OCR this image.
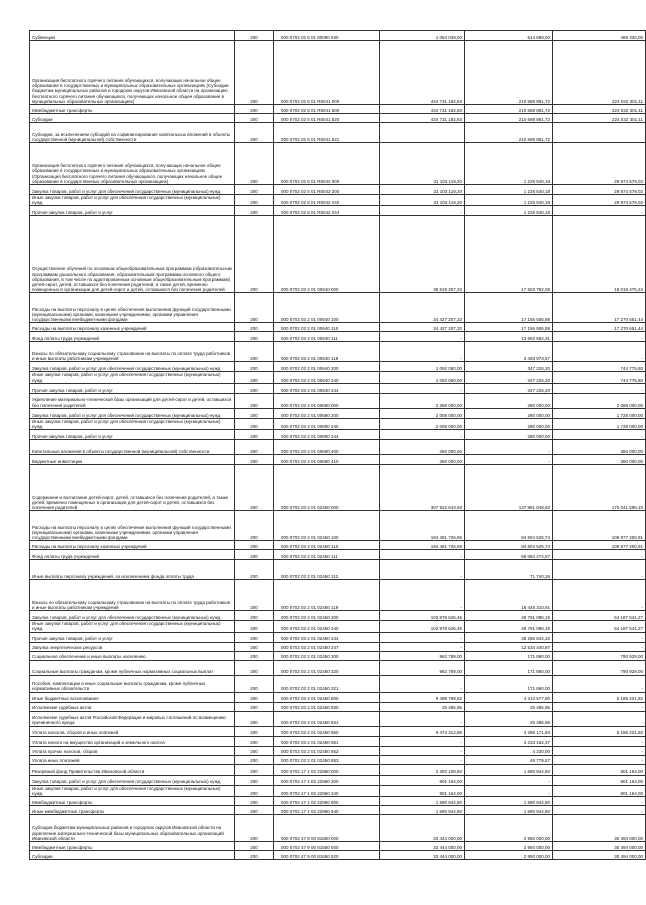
Субвенции	200	000 0702 02 5 01 80090 530	1 064 039,00	614 689,00	489 330,00
Организация бесплатного горячего питания обучающихся, получающих начальное общее образование в государственных и муниципальных образовательных организациях (Субсидии бюджетам муниципальных районов и городских округов Ивановской области на организацию бесплатного горячего питания обучающихся, получающих начальное общее образование в муниципальных образовательных организациях)	200	000 0702 02 5 01 R5041 000	434 731 182,83	210 698 881,72	224 032 301,11
Межбюджетные трансферты	200	000 0702 02 5 01 R5041 500	434 731 182,83	210 698 881,72	224 032 301,11
Субсидии	200	000 0702 02 5 01 R5041 520	434 731 182,83	210 698 881,72	224 032 301,11
Субсидии, за исключением субсидий на софинансирование капитальных вложений в объекты государственной (муниципальной) собственности	200	000 0702 02 5 01 R5041 521		210 698 881,72	
Организация бесплатного горячего питания обучающихся, получающих начальное общее образование в государственных и муниципальных образовательных организациях (Организация бесплатного горячего питания обучающихся, получающих начальное общее образование в государственных образовательных организациях)	200	000 0702 02 5 01 R5042 000	31 103 119,20	1 228 540,18	29 874 579,02
Закупка товаров, работ и услуг для обеспечения государственных (муниципальных) нужд	200	000 0702 02 5 01 R5042 200	31 103 119,20	1 228 540,18	29 874 579,02
Иные закупки товаров, работ и услуг для обеспечения государственных (муниципальных) нужд	200	000 0702 02 5 01 R5042 240	31 103 119,20	1 228 540,18	29 874 579,02
Прочая закупка товаров, работ и услуг	200	000 0702 02 5 01 R5042 244	-	1 228 540,18	-
Осуществление обучения по основным общеобразовательным программам (образовательным программам дошкольного образования, образовательным программам основного общего образования, в том числе по адаптированным основным общеобразовательным программам) детей-сирот, детей, оставшихся без попечения родителей, а также детей, временно помещенных в организации для детей-сирот и детей, оставшихся без попечения родителей	200	000 0702 03 2 01 00640 000	35 519 257,32	17 503 782,08	18 015 475,24
Расходы на выплаты персоналу в целях обеспечения выполнения функций государственными (муниципальными) органами, казенными учреждениями, органами управления государственными внебюджетными фондами	200	000 0702 03 2 01 00640 100	34 427 207,32	17 156 555,88	17 270 651,44
Расходы на выплаты персоналу казенных учреждений	200	000 0702 03 2 01 00640 110	34 427 207,32	17 156 555,88	17 270 651,44
Фонд оплаты труда учреждений	200	000 0702 03 2 01 00640 111	-	13 662 582,31	-
Взносы по обязательному социальному страхованию на выплаты по оплате труда работников и иные выплаты работникам учреждений	200	000 0702 03 2 01 00640 119	-	3 493 973,57	-
Закупка товаров, работ и услуг для обеспечения государственных (муниципальных) нужд	200	000 0702 03 2 01 00640 200	1 092 050,00	347 226,20	744 775,80
Иные закупки товаров, работ и услуг для обеспечения государственных (муниципальных) нужд	200	000 0702 03 2 01 00640 240	1 092 050,00	347 226,20	744 775,80
Прочая закупка товаров, работ и услуг	200	000 0702 03 2 01 00640 244	-	347 226,20	-
Укрепление материально-технической базы организаций для детей-сирот и детей, оставшихся без попечения родителей	200	000 0702 03 2 01 00690 000	2 368 000,00	280 000,00	2 088 000,00
Закупка товаров, работ и услуг для обеспечения государственных (муниципальных) нужд	200	000 0702 03 2 01 00690 200	2 008 000,00	280 000,00	1 728 000,00
Иные закупки товаров, работ и услуг для обеспечения государственных (муниципальных) нужд	200	000 0702 03 2 01 00690 240	2 008 000,00	280 000,00	1 728 000,00
Прочая закупка товаров, работ и услуг	200	000 0702 03 2 01 00690 244	-	280 000,00	-
Капитальные вложения в объекты государственной (муниципальной) собственности	200	000 0702 03 2 01 00690 400	360 000,00	-	360 000,00
Бюджетные инвестиции	200	000 0702 03 2 01 00690 410	360 000,00	-	360 000,00
Содержание и воспитание детей-сирот, детей, оставшихся без попечения родителей, а также детей, временно помещенных в организации для детей-сирот и детей, оставшихся без попечения родителей	200	000 0702 03 2 01 02460 000	307 922 643,93	137 881 048,83	170 041 595,10
Расходы на выплаты персоналу в целях обеспечения выполнения функций государственными (муниципальными) органами, казенными учреждениями, органами управления государственными внебюджетными фондами	200	000 0702 03 2 01 02460 100	194 481 726,65	84 604 525,74	109 877 200,91
Расходы на выплаты персоналу казенных учреждений	200	000 0702 03 2 01 02460 110	194 481 726,65	84 604 525,74	109 877 200,91
Фонд оплаты труда учреждений	200	000 0702 03 2 01 02460 111	-	66 084 474,57	-
Иные выплаты персоналу учреждений, за исключением фонда оплаты труда	200	000 0702 03 2 01 02460 112	-	71 740,26	-
Взносы по обязательному социальному страхованию на выплаты по оплате труда работников и иные выплаты работникам учреждений	200	000 0702 03 2 01 02460 119	-	18 448 310,91	-
Закупка товаров, работ и услуг для обеспечения государственных (муниципальных) нужд	200	000 0702 03 2 01 02460 200	102 978 626,46	48 791 085,19	54 187 541,27
Иные закупки товаров, работ и услуг для обеспечения государственных (муниципальных) нужд	200	000 0702 03 2 01 02460 240	102 978 626,46	48 791 085,19	54 187 541,27
Прочая закупка товаров, работ и услуг	200	000 0702 03 2 01 02460 244	-	36 256 644,32	-
Закупка энергетических ресурсов	200	000 0702 03 2 01 02460 247	-	12 534 440,87	-
Социальное обеспечение и иные выплаты населению	200	000 0702 03 2 01 02460 300	962 789,00	171 860,00	790 929,00
Социальные выплаты гражданам, кроме публичных нормативных социальных выплат	200	000 0702 03 2 01 02460 320	962 789,00	171 860,00	790 929,00
Пособия, компенсации и иные социальные выплаты гражданам, кроме публичных нормативных обязательств	200	000 0702 03 2 01 02460 321	-	171 860,00	-
Иные бюджетные ассигнования	200	000 0702 03 2 01 02460 800	9 499 799,82	4 313 577,90	5 186 221,92
Исполнение судебных актов	200	000 0702 03 2 01 02460 830	25 486,96	25 486,96	-
Исполнение судебных актов Российской Федерации и мировых соглашений по возмещению причиненного вреда	200	000 0702 03 2 01 02460 831	-	25 486,96	-
Уплата налогов, сборов и иных платежей	200	000 0702 03 2 01 02460 850	9 474 312,86	4 288 171,94	5 186 221,92
Уплата налога на имущество организаций и земельного налога	200	000 0702 03 2 01 02460 851	-	4 233 162,37	-
Уплата прочих налогов, сборов	200	000 0702 03 2 01 02460 852	-	4 230,00	-
Уплата иных платежей	200	000 0702 03 2 01 02460 853	-	48 779,57	-
Резервный фонд Правительства Ивановской области	200	000 0702 17 1 02 22960 000	2 392 108,80	1 590 944,80	801 164,00
Закупка товаров, работ и услуг для обеспечения государственных (муниципальных) нужд	200	000 0702 17 1 02 22960 200	801 164,00	-	801 164,00
Иные закупки товаров, работ и услуг для обеспечения государственных (муниципальных) нужд	200	000 0702 17 1 02 22960 240	801 164,00	-	801 164,00
Межбюджетные трансферты	200	000 0702 17 1 02 22960 500	1 590 944,80	1 590 944,80	-
Иные межбюджетные трансферты	200	000 0702 17 1 02 22960 540	1 590 944,80	1 590 944,80	-
Субсидии бюджетам муниципальных районов и городских округов Ивановской области на укрепление материально-технической базы муниципальных образовательных организаций Ивановской области	200	000 0702 47 9 00 81650 000	33 444 000,00	2 950 000,00	30 494 000,00
Межбюджетные трансферты	200	000 0702 47 9 00 81650 500	33 444 000,00	2 950 000,00	30 494 000,00
Субсидии	200	000 0702 47 9 00 81650 520	33 444 000,00	2 950 000,00	30 494 000,00
